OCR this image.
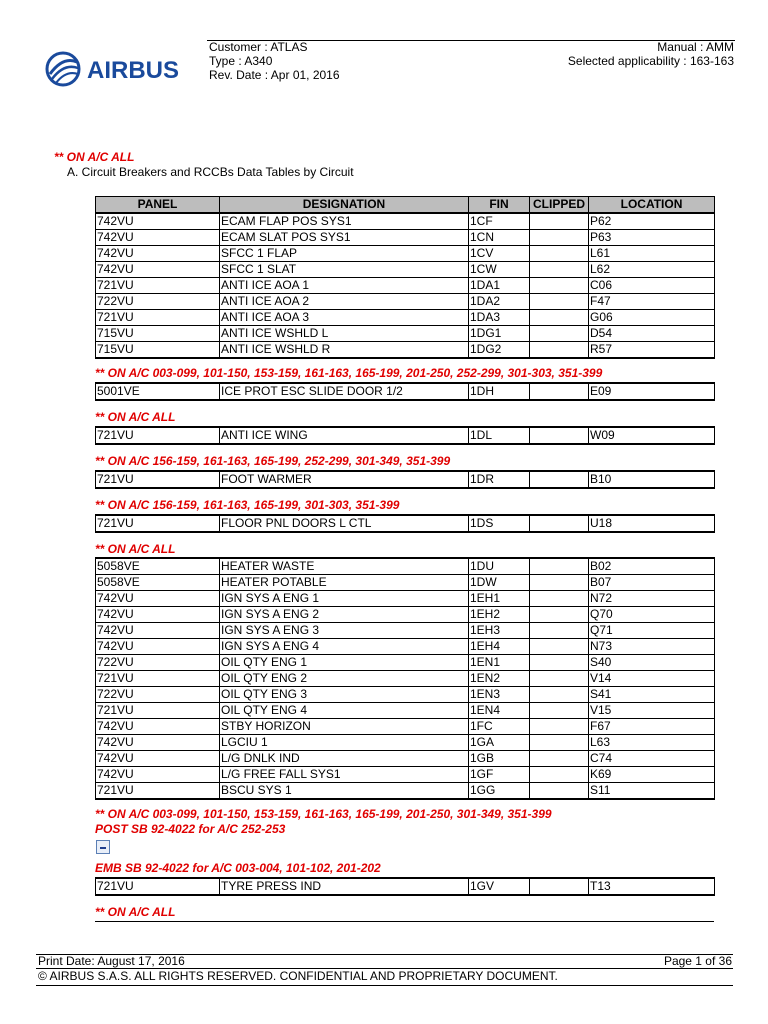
AIRBUS
Customer : ATLAS
Type : A340
Rev. Date : Apr 01, 2016
Manual : AMM
Selected applicability : 163-163
** ON A/C ALL
A. Circuit Breakers and RCCBs Data Tables by Circuit
PANEL	DESIGNATION	FIN	CLIPPED	LOCATION
742VU	ECAM FLAP POS SYS1	1CF		P62
742VU	ECAM SLAT POS SYS1	1CN		P63
742VU	SFCC 1 FLAP	1CV		L61
742VU	SFCC 1 SLAT	1CW		L62
721VU	ANTI ICE AOA 1	1DA1		C06
722VU	ANTI ICE AOA 2	1DA2		F47
721VU	ANTI ICE AOA 3	1DA3		G06
715VU	ANTI ICE WSHLD L	1DG1		D54
715VU	ANTI ICE WSHLD R	1DG2		R57
** ON A/C 003-099, 101-150, 153-159, 161-163, 165-199, 201-250, 252-299, 301-303, 351-399
5001VE	ICE PROT ESC SLIDE DOOR 1/2	1DH		E09
** ON A/C ALL
721VU	ANTI ICE WING	1DL		W09
** ON A/C 156-159, 161-163, 165-199, 252-299, 301-349, 351-399
721VU	FOOT WARMER	1DR		B10
** ON A/C 156-159, 161-163, 165-199, 301-303, 351-399
721VU	FLOOR PNL DOORS L CTL	1DS		U18
** ON A/C ALL
5058VE	HEATER WASTE	1DU		B02
5058VE	HEATER POTABLE	1DW		B07
742VU	IGN SYS A ENG 1	1EH1		N72
742VU	IGN SYS A ENG 2	1EH2		Q70
742VU	IGN SYS A ENG 3	1EH3		Q71
742VU	IGN SYS A ENG 4	1EH4		N73
722VU	OIL QTY ENG 1	1EN1		S40
721VU	OIL QTY ENG 2	1EN2		V14
722VU	OIL QTY ENG 3	1EN3		S41
721VU	OIL QTY ENG 4	1EN4		V15
742VU	STBY HORIZON	1FC		F67
742VU	LGCIU 1	1GA		L63
742VU	L/G DNLK IND	1GB		C74
742VU	L/G FREE FALL SYS1	1GF		K69
721VU	BSCU SYS 1	1GG		S11
** ON A/C 003-099, 101-150, 153-159, 161-163, 165-199, 201-250, 301-349, 351-399
POST SB 92-4022 for A/C 252-253
EMB SB 92-4022 for A/C 003-004, 101-102, 201-202
721VU	TYRE PRESS IND	1GV		T13
** ON A/C ALL
Print Date: August 17, 2016	Page 1 of 36
© AIRBUS S.A.S. ALL RIGHTS RESERVED. CONFIDENTIAL AND PROPRIETARY DOCUMENT.
